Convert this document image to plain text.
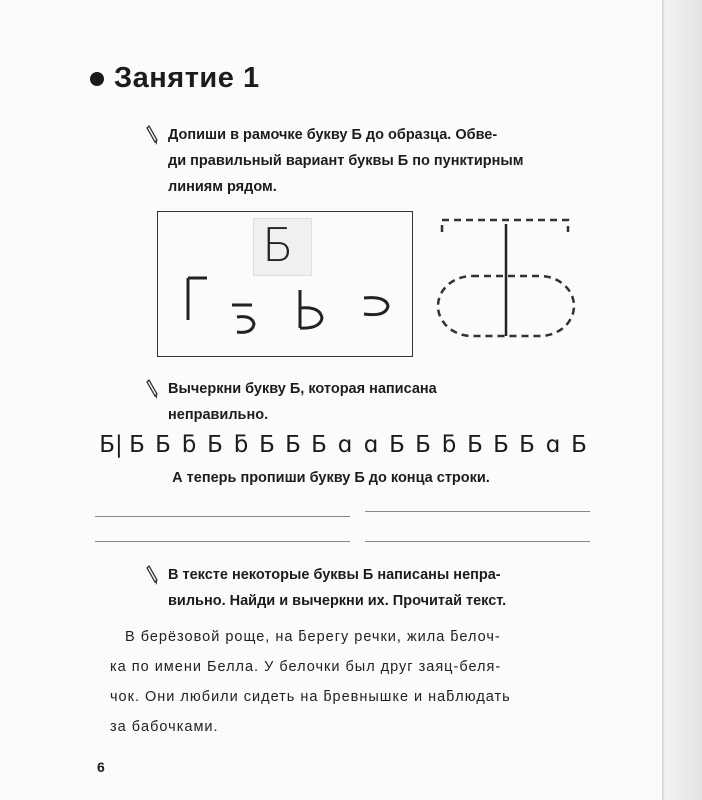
Занятие 1
Допиши в рамочке букву Б до образца. Обве-
ди правильный вариант буквы Б по пунктирным
линиям рядом.
Б
Вычеркни букву Б, которая написана
неправильно.
Б| Б Б ƃ Б ƃ Б Б Б ɑ ɑ Б Б ƃ Б Б Б ɑ Б
А теперь пропиши букву Б до конца строки.
В тексте некоторые буквы Б написаны непра-
вильно. Найди и вычеркни их. Прочитай текст.
В берёзовой роще, на ƃерегу речки, жила ƃелоч-
ка по имени Белла. У белочки был друг заяц-беля-
чок. Они любили сидеть на ƃревнышке и наƃлюдать
за бaбочками.
6
